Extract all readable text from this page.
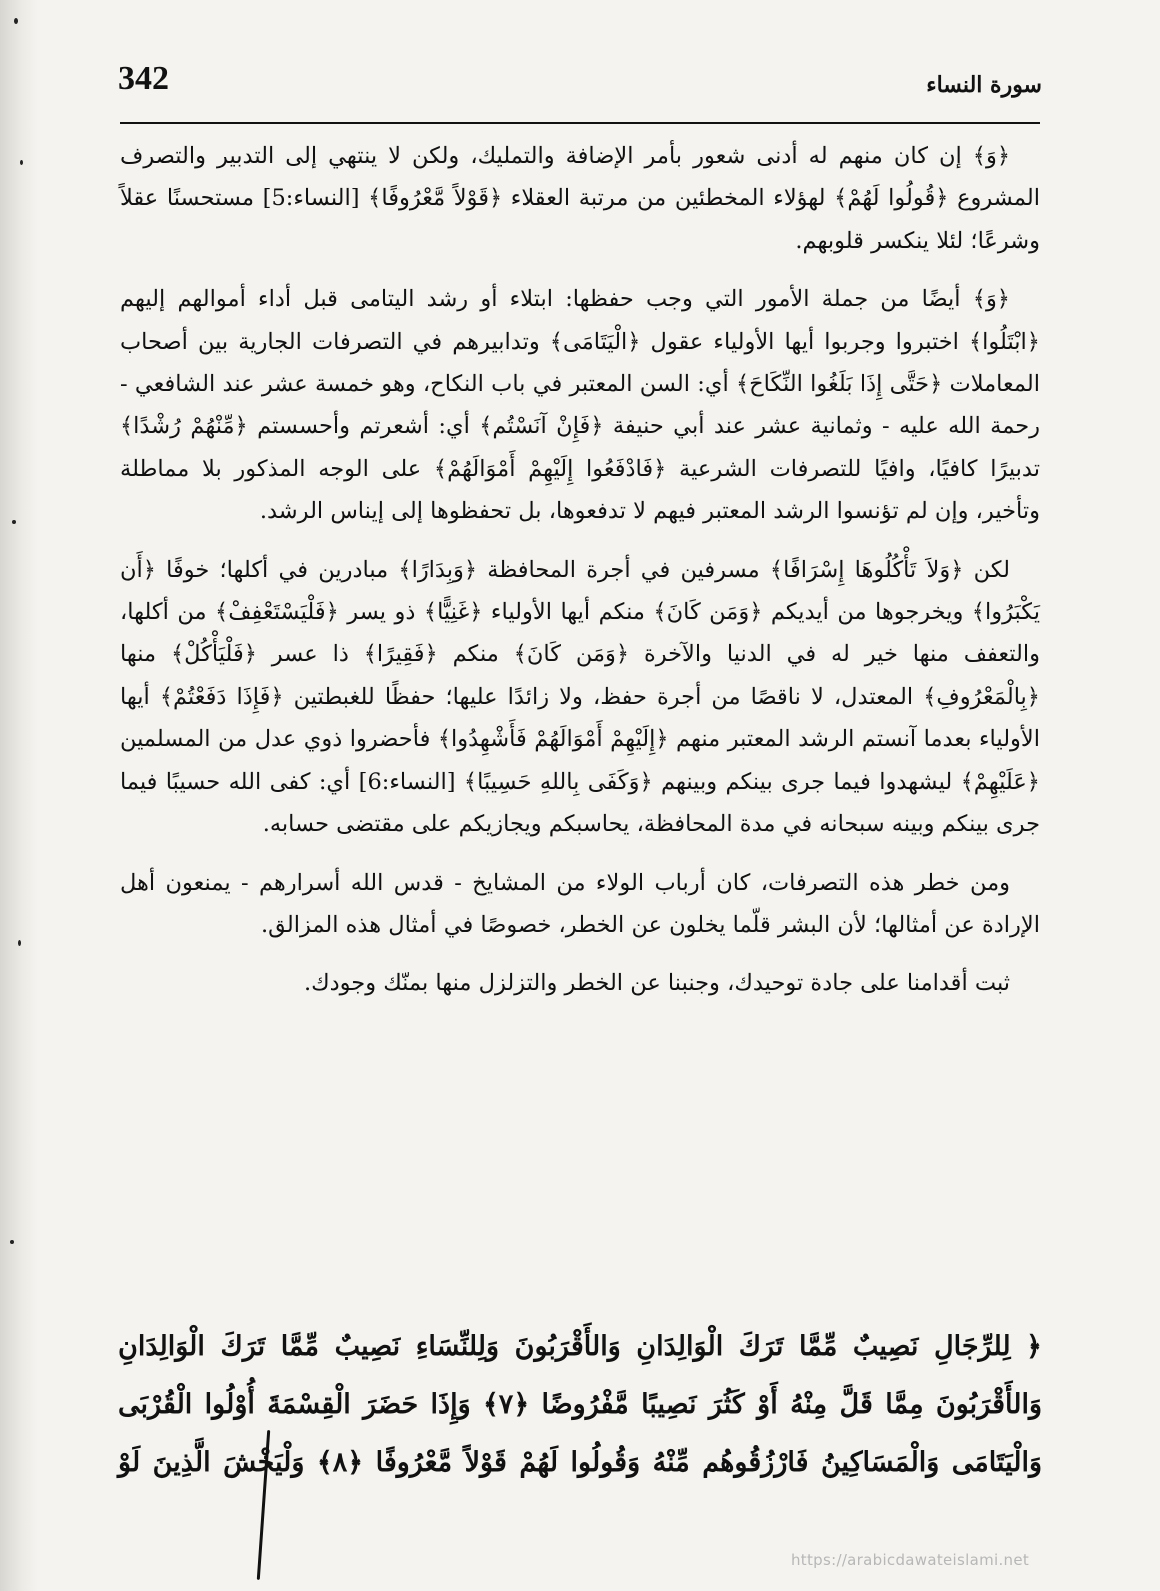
342	سورة النساء

﴿وَ﴾ إن كان منهم له أدنى شعور بأمر الإضافة والتمليك، ولكن لا ينتهي إلى التدبير والتصرف المشروع ﴿قُولُوا لَهُمْ﴾ لهؤلاء المخطئين من مرتبة العقلاء ﴿قَوْلاً مَّعْرُوفًا﴾ [النساء:5] مستحسنًا عقلاً وشرعًا؛ لئلا ينكسر قلوبهم.

﴿وَ﴾ أيضًا من جملة الأمور التي وجب حفظها: ابتلاء أو رشد اليتامى قبل أداء أموالهم إليهم ﴿ابْتَلُوا﴾ اختبروا وجربوا أيها الأولياء عقول ﴿الْيَتَامَى﴾ وتدابيرهم في التصرفات الجارية بين أصحاب المعاملات ﴿حَتَّى إِذَا بَلَغُوا النِّكَاحَ﴾ أي: السن المعتبر في باب النكاح، وهو خمسة عشر عند الشافعي - رحمة الله عليه - وثمانية عشر عند أبي حنيفة ﴿فَإِنْ آنَسْتُم﴾ أي: أشعرتم وأحسستم ﴿مِّنْهُمْ رُشْدًا﴾ تدبيرًا كافيًا، وافيًا للتصرفات الشرعية ﴿فَادْفَعُوا إِلَيْهِمْ أَمْوَالَهُمْ﴾ على الوجه المذكور بلا مماطلة وتأخير، وإن لم تؤنسوا الرشد المعتبر فيهم لا تدفعوها، بل تحفظوها إلى إيناس الرشد.

لكن ﴿وَلاَ تَأْكُلُوهَا إِسْرَافًا﴾ مسرفين في أجرة المحافظة ﴿وَبِدَارًا﴾ مبادرين في أكلها؛ خوفًا ﴿أَن يَكْبَرُوا﴾ ويخرجوها من أيديكم ﴿وَمَن كَانَ﴾ منكم أيها الأولياء ﴿غَنِيًّا﴾ ذو يسر ﴿فَلْيَسْتَعْفِفْ﴾ من أكلها، والتعفف منها خير له في الدنيا والآخرة ﴿وَمَن كَانَ﴾ منكم ﴿فَقِيرًا﴾ ذا عسر ﴿فَلْيَأْكُلْ﴾ منها ﴿بِالْمَعْرُوفِ﴾ المعتدل، لا ناقصًا من أجرة حفظ، ولا زائدًا عليها؛ حفظًا للغبطتين ﴿فَإِذَا دَفَعْتُمْ﴾ أيها الأولياء بعدما آنستم الرشد المعتبر منهم ﴿إِلَيْهِمْ أَمْوَالَهُمْ فَأَشْهِدُوا﴾ فأحضروا ذوي عدل من المسلمين ﴿عَلَيْهِمْ﴾ ليشهدوا فيما جرى بينكم وبينهم ﴿وَكَفَى بِاللهِ حَسِيبًا﴾ [النساء:6] أي: كفى الله حسيبًا فيما جرى بينكم وبينه سبحانه في مدة المحافظة، يحاسبكم ويجازيكم على مقتضى حسابه.

ومن خطر هذه التصرفات، كان أرباب الولاء من المشايخ - قدس الله أسرارهم - يمنعون أهل الإرادة عن أمثالها؛ لأن البشر قلّما يخلون عن الخطر، خصوصًا في أمثال هذه المزالق.

ثبت أقدامنا على جادة توحيدك، وجنبنا عن الخطر والتزلزل منها بمنّك وجودك.

﴿ لِلرِّجَالِ نَصِيبٌ مِّمَّا تَرَكَ الْوَالِدَانِ وَالأَقْرَبُونَ وَلِلنِّسَاءِ نَصِيبٌ مِّمَّا تَرَكَ الْوَالِدَانِ
وَالأَقْرَبُونَ مِمَّا قَلَّ مِنْهُ أَوْ كَثُرَ نَصِيبًا مَّفْرُوضًا ﴿٧﴾ وَإِذَا حَضَرَ الْقِسْمَةَ أُوْلُوا الْقُرْبَى
وَالْيَتَامَى وَالْمَسَاكِينُ فَارْزُقُوهُم مِّنْهُ وَقُولُوا لَهُمْ قَوْلاً مَّعْرُوفًا ﴿٨﴾ وَلْيَخْشَ الَّذِينَ لَوْ
https://arabicdawateislami.net
